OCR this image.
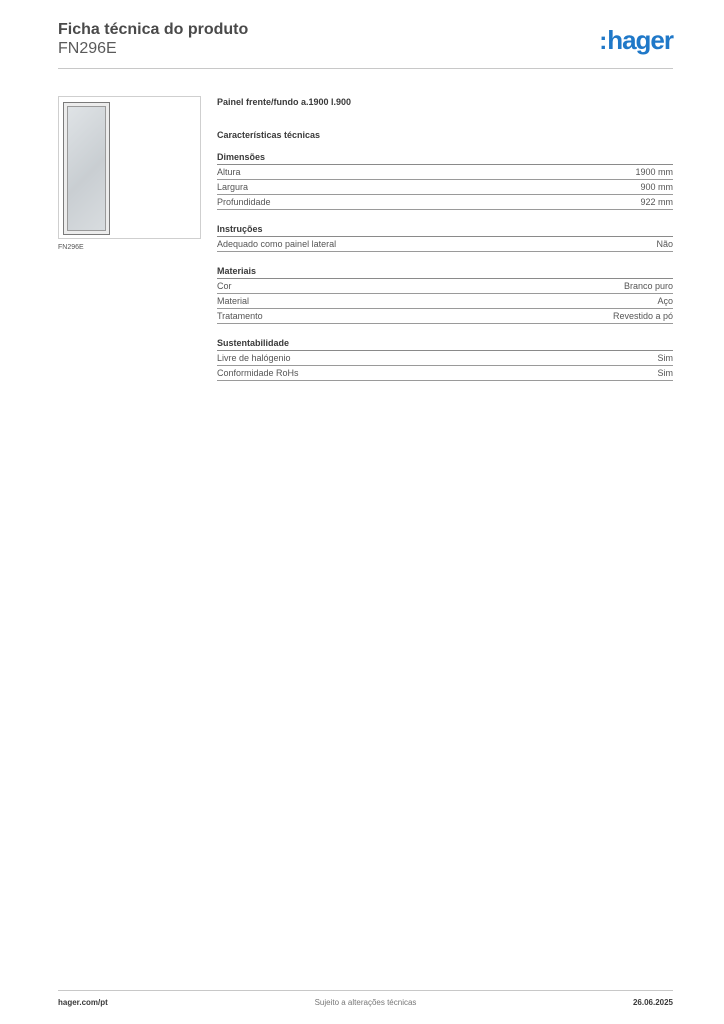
Ficha técnica do produto
FN296E	:hager
FN296E
Painel frente/fundo a.1900 l.900
Características técnicas
Dimensões
Altura	1900 mm
Largura	900 mm
Profundidade	922 mm
Instruções
Adequado como painel lateral	Não
Materiais
Cor	Branco puro
Material	Aço
Tratamento	Revestido a pó
Sustentabilidade
Livre de halógenio	Sim
Conformidade RoHs	Sim
hager.com/pt	Sujeito a alterações técnicas	26.06.2025
